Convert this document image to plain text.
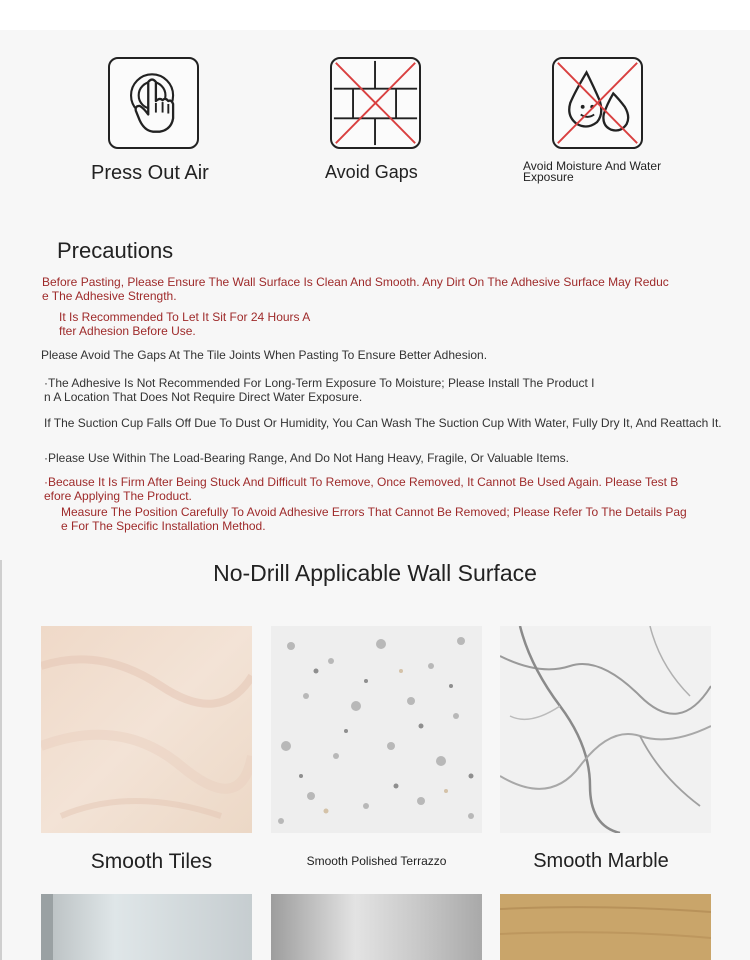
Press Out Air	Avoid Gaps	Avoid Moisture And Water Exposure
Precautions
Before Pasting, Please Ensure The Wall Surface Is Clean And Smooth. Any Dirt On The Adhesive Surface May Reduc
e The Adhesive Strength.
It Is Recommended To Let It Sit For 24 Hours A
fter Adhesion Before Use.
Please Avoid The Gaps At The Tile Joints When Pasting To Ensure Better Adhesion.
·The Adhesive Is Not Recommended For Long-Term Exposure To Moisture; Please Install The Product I
n A Location That Does Not Require Direct Water Exposure.
If The Suction Cup Falls Off Due To Dust Or Humidity, You Can Wash The Suction Cup With Water, Fully Dry It, And Reattach It.
·Please Use Within The Load-Bearing Range, And Do Not Hang Heavy, Fragile, Or Valuable Items.
·Because It Is Firm After Being Stuck And Difficult To Remove, Once Removed, It Cannot Be Used Again. Please Test B
efore Applying The Product.
Measure The Position Carefully To Avoid Adhesive Errors That Cannot Be Removed; Please Refer To The Details Pag
e For The Specific Installation Method.
No-Drill Applicable Wall Surface
Smooth Tiles	Smooth Polished Terrazzo	Smooth Marble
